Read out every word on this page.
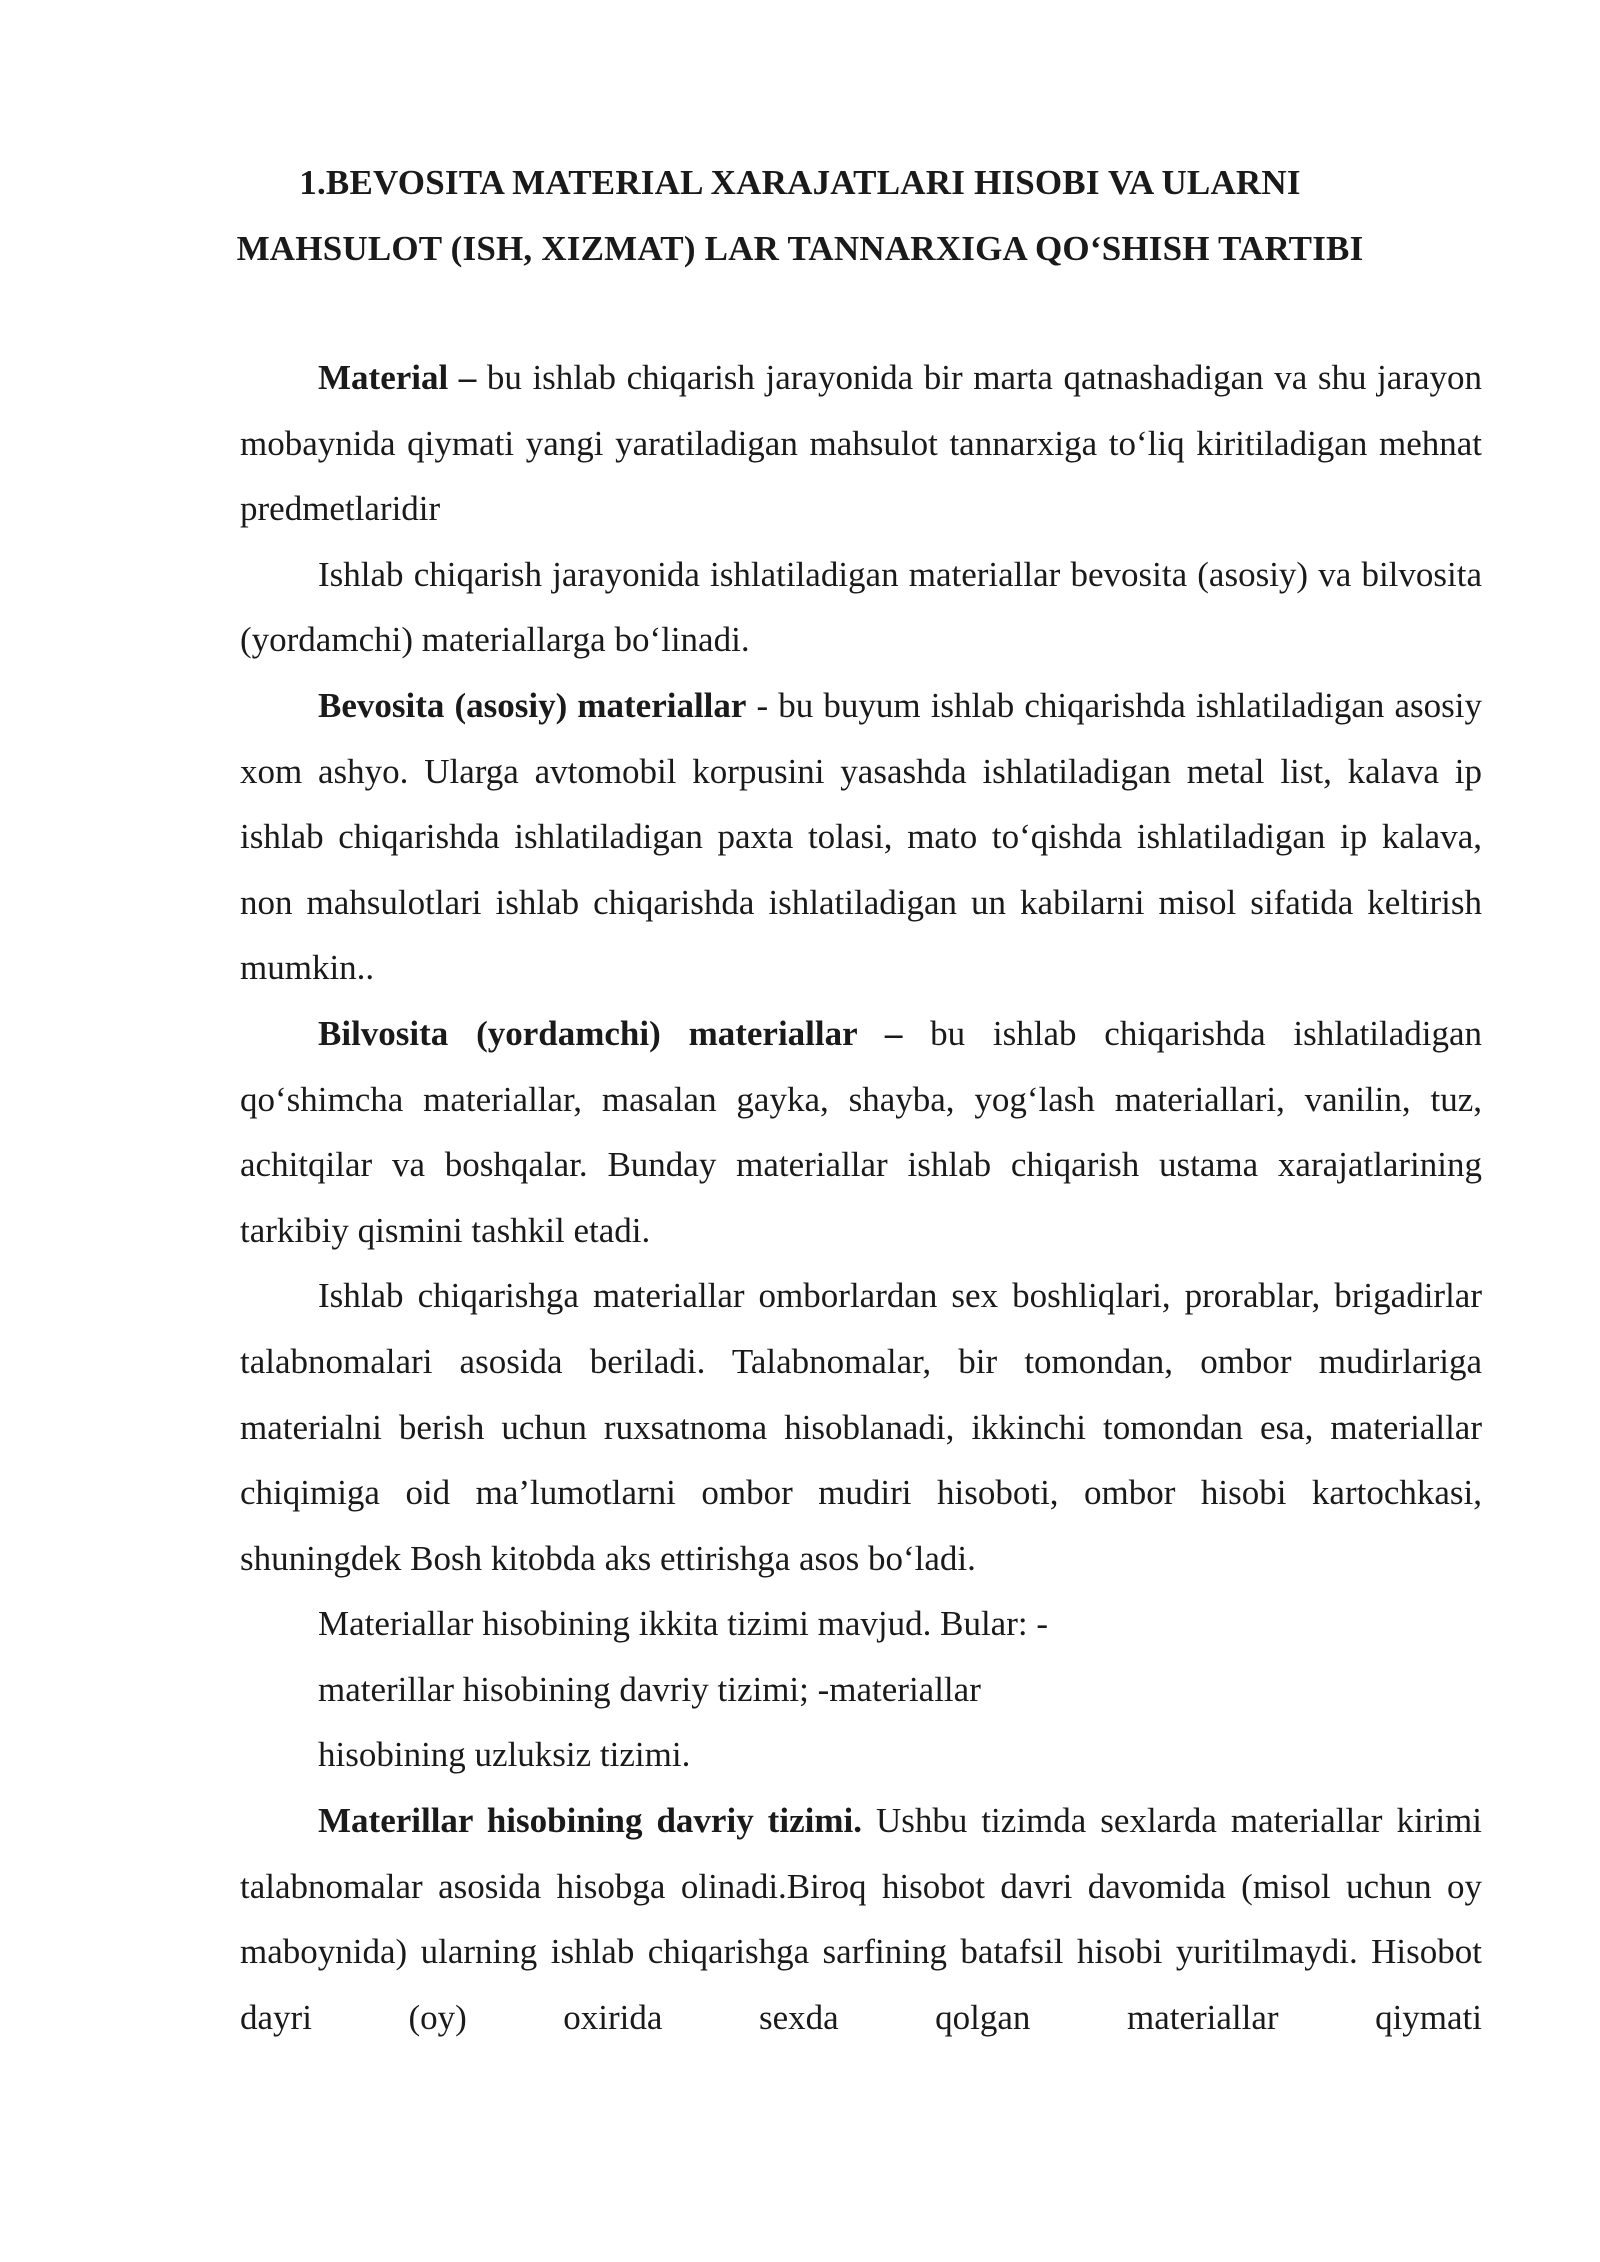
1.BEVOSITA MATERIAL XARAJATLARI HISOBI VA ULARNI
MAHSULOT (ISH, XIZMAT) LAR TANNARXIGA QO‘SHISH TARTIBI

Material – bu ishlab chiqarish jarayonida bir marta qatnashadigan va shu jarayon mobaynida qiymati yangi yaratiladigan mahsulot tannarxiga to‘liq kiritiladigan mehnat predmetlaridir

Ishlab chiqarish jarayonida ishlatiladigan materiallar bevosita (asosiy) va bilvosita (yordamchi) materiallarga bo‘linadi.

Bevosita (asosiy) materiallar - bu buyum ishlab chiqarishda ishlatiladigan asosiy xom ashyo. Ularga avtomobil korpusini yasashda ishlatiladigan metal list, kalava ip ishlab chiqarishda ishlatiladigan paxta tolasi, mato to‘qishda ishlatiladigan ip kalava, non mahsulotlari ishlab chiqarishda ishlatiladigan un kabilarni misol sifatida keltirish mumkin..

Bilvosita (yordamchi) materiallar – bu ishlab chiqarishda ishlatiladigan qo‘shimcha materiallar, masalan gayka, shayba, yog‘lash materiallari, vanilin, tuz, achitqilar va boshqalar. Bunday materiallar ishlab chiqarish ustama xarajatlarining tarkibiy qismini tashkil etadi.

Ishlab chiqarishga materiallar omborlardan sex boshliqlari, prorablar, brigadirlar talabnomalari asosida beriladi. Talabnomalar, bir tomondan, ombor mudirlariga materialni berish uchun ruxsatnoma hisoblanadi, ikkinchi tomondan esa, materiallar chiqimiga oid ma’lumotlarni ombor mudiri hisoboti, ombor hisobi kartochkasi, shuningdek Bosh kitobda aks ettirishga asos bo‘ladi.

Materiallar hisobining ikkita tizimi mavjud. Bular: -

materillar hisobining davriy tizimi; -materiallar

hisobining uzluksiz tizimi.

Materillar hisobining davriy tizimi. Ushbu tizimda sexlarda materiallar kirimi talabnomalar asosida hisobga olinadi.Biroq hisobot davri davomida (misol uchun oy maboynida) ularning ishlab chiqarishga sarfining batafsil hisobi yuritilmaydi. Hisobot dayri (oy) oxirida sexda qolgan materiallar qiymati
